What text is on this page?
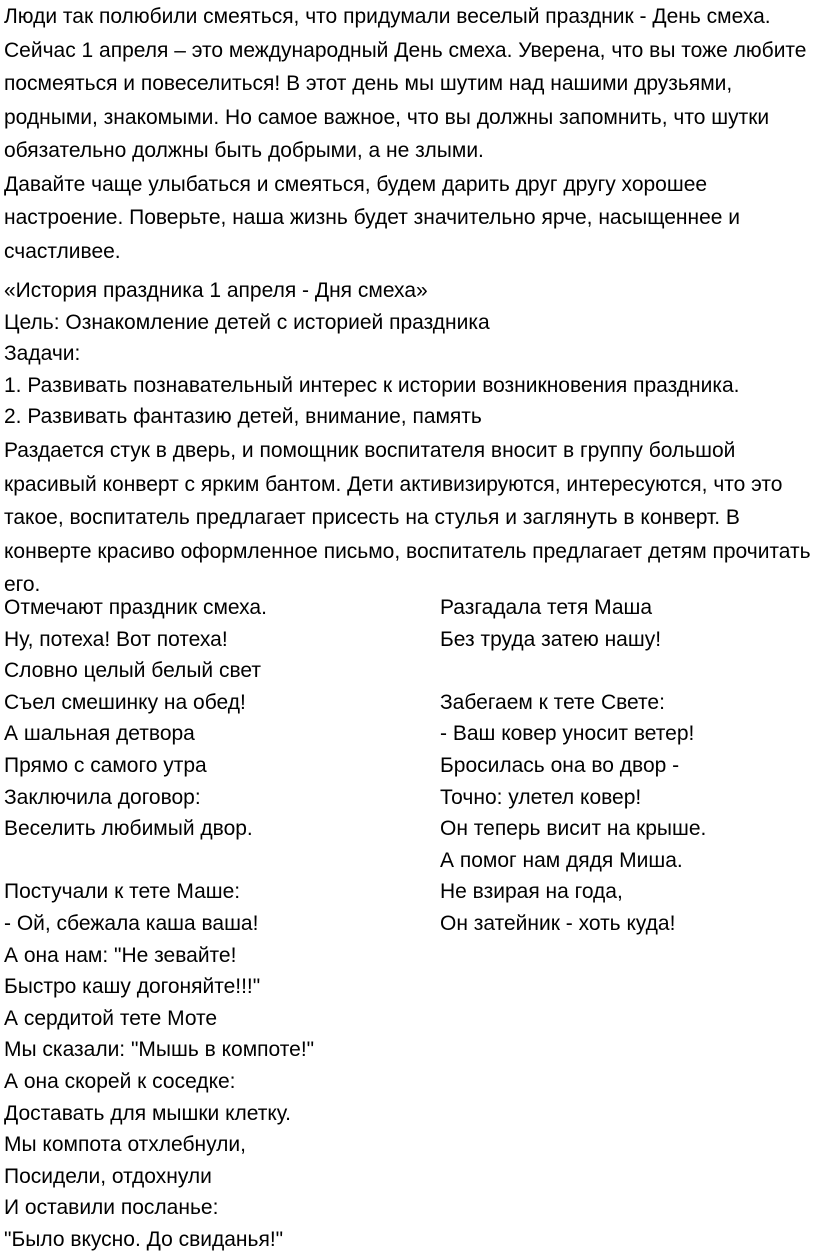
Люди так полюбили смеяться, что придумали веселый праздник - День смеха. Сейчас 1 апреля – это международный День смеха. Уверена, что вы тоже любите посмеяться и повеселиться! В этот день мы шутим над нашими друзьями, родными, знакомыми. Но самое важное, что вы должны запомнить, что шутки обязательно должны быть добрыми, а не злыми.

Давайте чаще улыбаться и смеяться, будем дарить друг другу хорошее настроение. Поверьте, наша жизнь будет значительно ярче, насыщеннее и счастливее.

«История праздника 1 апреля - Дня смеха»
Цель: Ознакомление детей с историей праздника
Задачи:
1. Развивать познавательный интерес к истории возникновения праздника.
2. Развивать фантазию детей, внимание, память

Раздается стук в дверь, и помощник воспитателя вносит в группу большой красивый конверт с ярким бантом. Дети активизируются, интересуются, что это такое, воспитатель предлагает присесть на стулья и заглянуть в конверт. В конверте красиво оформленное письмо, воспитатель предлагает детям прочитать его.

Отмечают праздник смеха.
Ну, потеха! Вот потеха!
Словно целый белый свет
Съел смешинку на обед!
А шальная детвора
Прямо с самого утра
Заключила договор:
Веселить любимый двор.
Постучали к тете Маше:
- Ой, сбежала каша ваша!
А она нам: "Не зевайте!
Быстро кашу догоняйте!!!"
А сердитой тете Моте
Мы сказали: "Мышь в компоте!"
А она скорей к соседке:
Доставать для мышки клетку.
Мы компота отхлебнули,
Посидели, отдохнули
И оставили посланье:
"Было вкусно. До свиданья!"
Разгадала тетя Маша
Без труда затею нашу!
Забегаем к тете Свете:
- Ваш ковер уносит ветер!
Бросилась она во двор -
Точно: улетел ковер!
Он теперь висит на крыше.
А помог нам дядя Миша.
Не взирая на года,
Он затейник - хоть куда!
